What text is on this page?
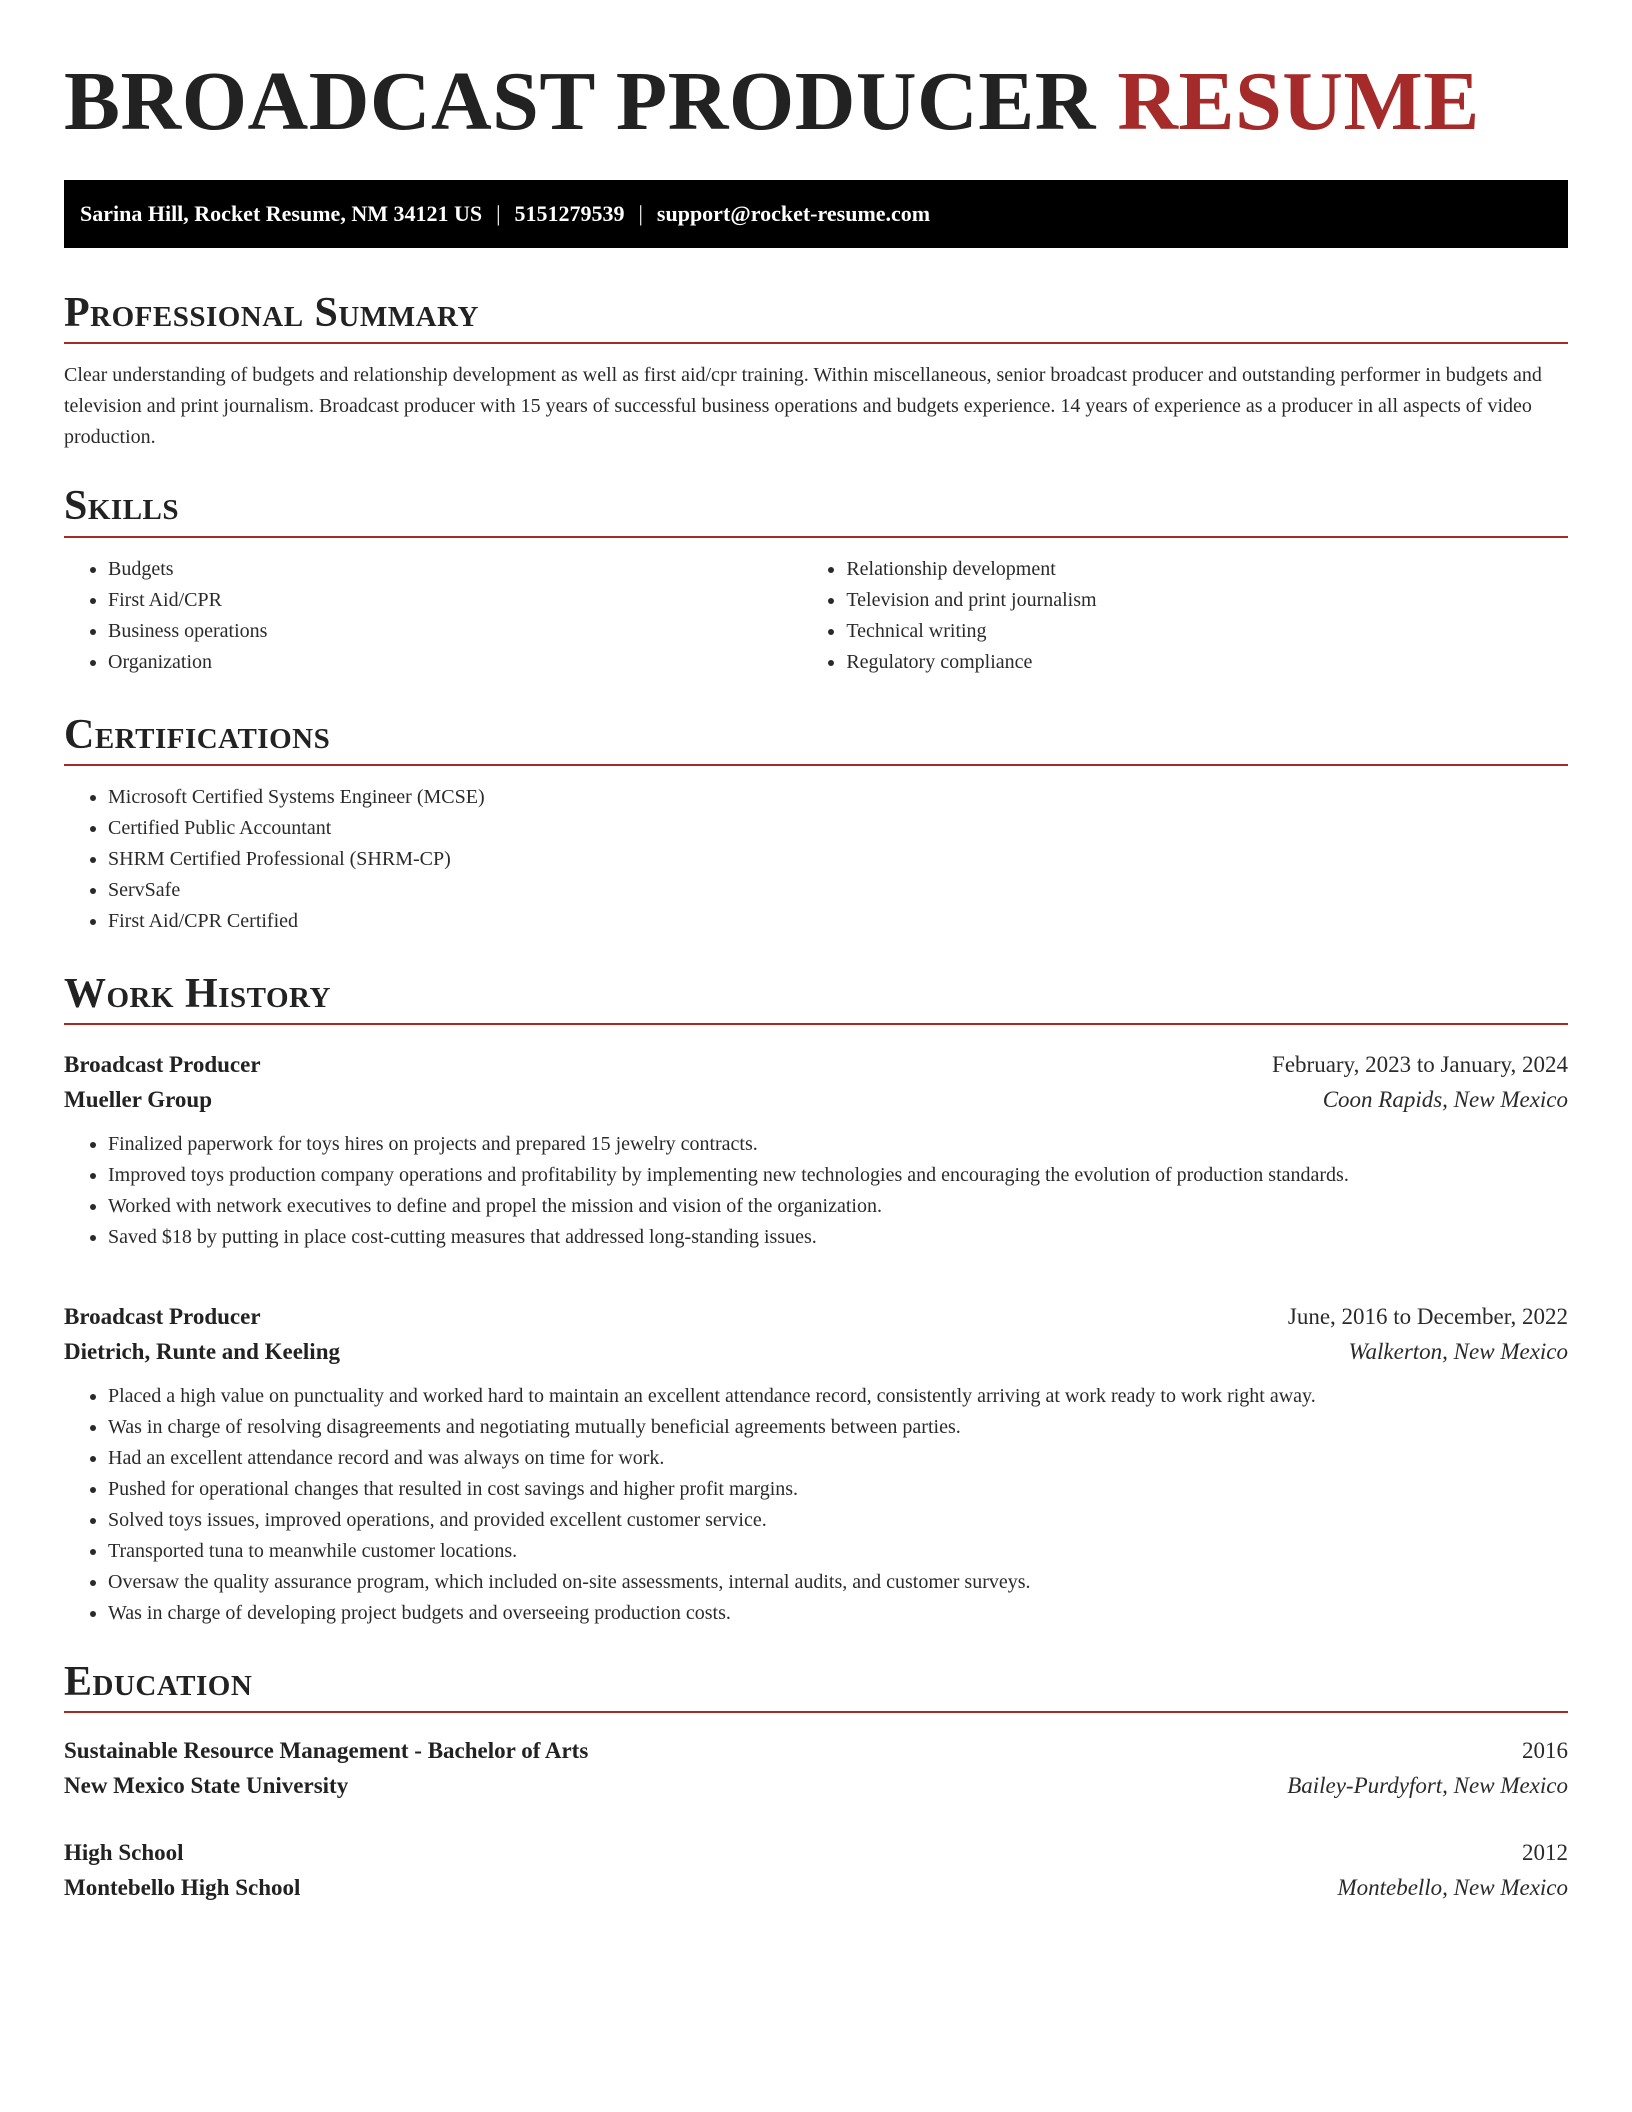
BROADCAST PRODUCER RESUME
Sarina Hill, Rocket Resume, NM 34121 US | 5151279539 | support@rocket-resume.com
Professional Summary

Clear understanding of budgets and relationship development as well as first aid/cpr training. Within miscellaneous, senior broadcast producer and outstanding performer in budgets and television and print journalism. Broadcast producer with 15 years of successful business operations and budgets experience. 14 years of experience as a producer in all aspects of video production.

Skills
• Budgets
• First Aid/CPR
• Business operations
• Organization
• Relationship development
• Television and print journalism
• Technical writing
• Regulatory compliance
Certifications
• Microsoft Certified Systems Engineer (MCSE)
• Certified Public Accountant
• SHRM Certified Professional (SHRM-CP)
• ServSafe
• First Aid/CPR Certified
Work History
Broadcast Producer	February, 2023 to January, 2024
Mueller Group	Coon Rapids, New Mexico
• Finalized paperwork for toys hires on projects and prepared 15 jewelry contracts.
• Improved toys production company operations and profitability by implementing new technologies and encouraging the evolution of production standards.
• Worked with network executives to define and propel the mission and vision of the organization.
• Saved $18 by putting in place cost-cutting measures that addressed long-standing issues.
Broadcast Producer	June, 2016 to December, 2022
Dietrich, Runte and Keeling	Walkerton, New Mexico
• Placed a high value on punctuality and worked hard to maintain an excellent attendance record, consistently arriving at work ready to work right away.
• Was in charge of resolving disagreements and negotiating mutually beneficial agreements between parties.
• Had an excellent attendance record and was always on time for work.
• Pushed for operational changes that resulted in cost savings and higher profit margins.
• Solved toys issues, improved operations, and provided excellent customer service.
• Transported tuna to meanwhile customer locations.
• Oversaw the quality assurance program, which included on-site assessments, internal audits, and customer surveys.
• Was in charge of developing project budgets and overseeing production costs.
Education
Sustainable Resource Management - Bachelor of Arts	2016
New Mexico State University	Bailey-Purdyfort, New Mexico
High School	2012
Montebello High School	Montebello, New Mexico
